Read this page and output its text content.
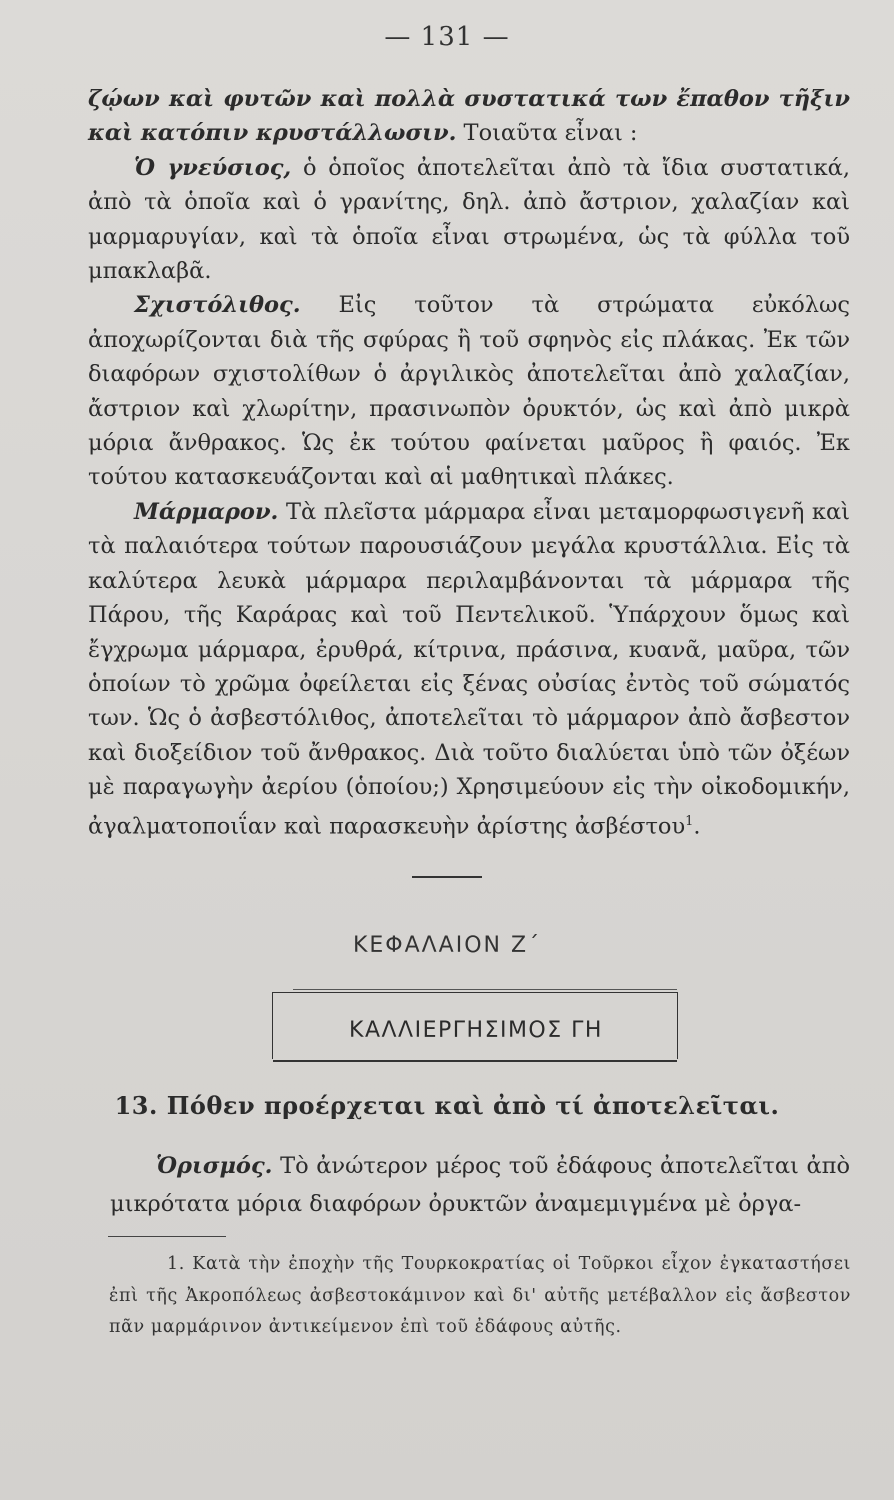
— 131 —

ζῴων καὶ φυτῶν καὶ πολλὰ συστατικά των ἔπαθον τῆξιν καὶ κατόπιν κρυστάλλωσιν. Τοιαῦτα εἶναι :

Ὁ γνεύσιος, ὁ ὁποῖος ἀποτελεῖται ἀπὸ τὰ ἴδια συστατικά, ἀπὸ τὰ ὁποῖα καὶ ὁ γρανίτης, δηλ. ἀπὸ ἄστριον, χαλαζίαν καὶ μαρμαρυγίαν, καὶ τὰ ὁποῖα εἶναι στρωμένα, ὡς τὰ φύλλα τοῦ μπακλαβᾶ.

Σχιστόλιθος. Εἰς τοῦτον τὰ στρώματα εὐκόλως ἀποχωρίζονται διὰ τῆς σφύρας ἢ τοῦ σφηνὸς εἰς πλάκας. Ἐκ τῶν διαφόρων σχιστολίθων ὁ ἀργιλικὸς ἀποτελεῖται ἀπὸ χαλαζίαν, ἄστριον καὶ χλωρίτην, πρασινωπὸν ὀρυκτόν, ὡς καὶ ἀπὸ μικρὰ μόρια ἄνθρακος. Ὡς ἐκ τούτου φαίνεται μαῦρος ἢ φαιός. Ἐκ τούτου κατασκευάζονται καὶ αἱ μαθητικαὶ πλάκες.

Μάρμαρον. Τὰ πλεῖστα μάρμαρα εἶναι μεταμορφωσιγενῆ καὶ τὰ παλαιότερα τούτων παρουσιάζουν μεγάλα κρυστάλλια. Εἰς τὰ καλύτερα λευκὰ μάρμαρα περιλαμβάνονται τὰ μάρμαρα τῆς Πάρου, τῆς Καράρας καὶ τοῦ Πεντελικοῦ. Ὑπάρχουν ὅμως καὶ ἔγχρωμα μάρμαρα, ἐρυθρά, κίτρινα, πράσινα, κυανᾶ, μαῦρα, τῶν ὁποίων τὸ χρῶμα ὀφείλεται εἰς ξένας οὐσίας ἐντὸς τοῦ σώματός των. Ὡς ὁ ἀσβεστόλιθος, ἀποτελεῖται τὸ μάρμαρον ἀπὸ ἄσβεστον καὶ διοξείδιον τοῦ ἄνθρακος. Διὰ τοῦτο διαλύεται ὑπὸ τῶν ὀξέων μὲ παραγωγὴν ἀερίου (ὁποίου;) Χρησιμεύουν εἰς τὴν οἰκοδομικήν, ἀγαλματοποιΐαν καὶ παρασκευὴν ἀρίστης ἀσβέστου$^1$.

ΚΕΦΑΛΑΙΟΝ Ζ΄
ΚΑΛΛΙΕΡΓΗΣΙΜΟΣ ΓΗ
13. Πόθεν προέρχεται καὶ ἀπὸ τί ἀποτελεῖται.

Ὁρισμός. Τὸ ἀνώτερον μέρος τοῦ ἐδάφους ἀποτελεῖται ἀπὸ μικρότατα μόρια διαφόρων ὀρυκτῶν ἀναμεμιγμένα μὲ ὀργα-

1. Κατὰ τὴν ἐποχὴν τῆς Τουρκοκρατίας οἱ Τοῦρκοι εἶχον ἐγκαταστήσει ἐπὶ τῆς Ἀκροπόλεως ἀσβεστοκάμινον καὶ δι' αὐτῆς μετέβαλλον εἰς ἄσβεστον πᾶν μαρμάρινον ἀντικείμενον ἐπὶ τοῦ ἐδάφους αὐτῆς.
